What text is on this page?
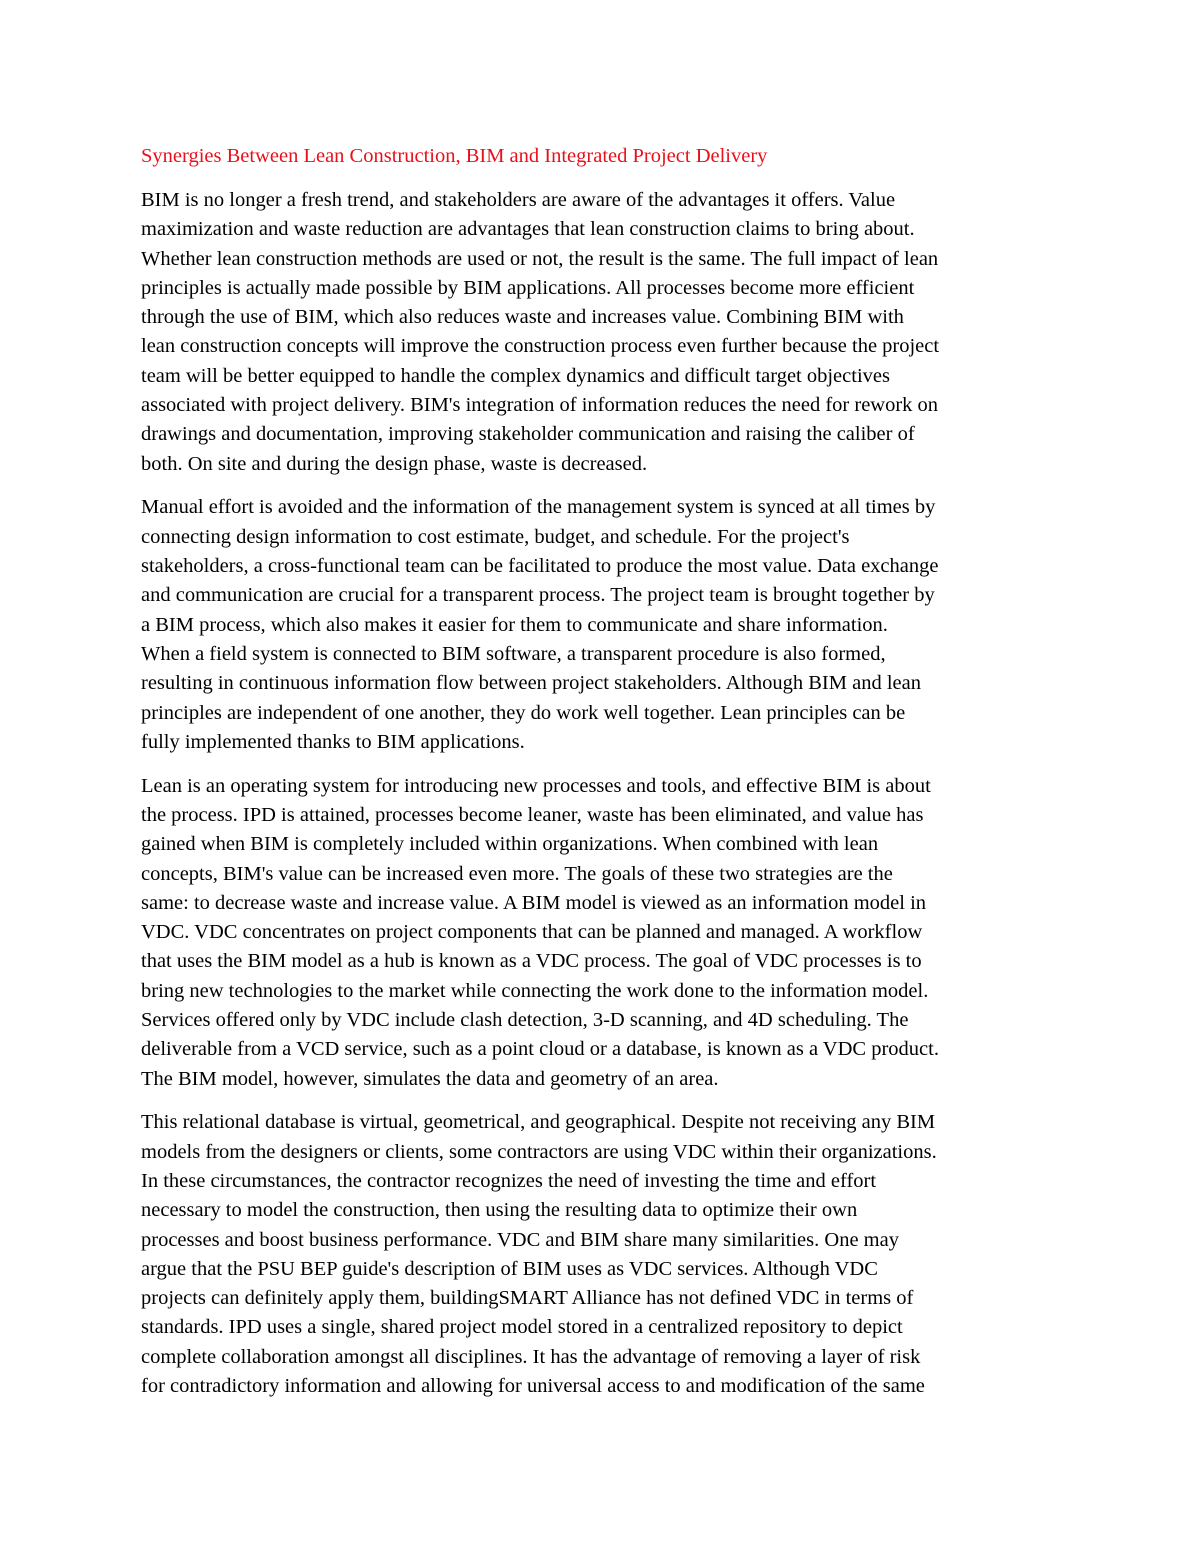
Synergies Between Lean Construction, BIM and Integrated Project Delivery

BIM is no longer a fresh trend, and stakeholders are aware of the advantages it offers. Value
maximization and waste reduction are advantages that lean construction claims to bring about.
Whether lean construction methods are used or not, the result is the same. The full impact of lean
principles is actually made possible by BIM applications. All processes become more efficient
through the use of BIM, which also reduces waste and increases value. Combining BIM with
lean construction concepts will improve the construction process even further because the project
team will be better equipped to handle the complex dynamics and difficult target objectives
associated with project delivery. BIM's integration of information reduces the need for rework on
drawings and documentation, improving stakeholder communication and raising the caliber of
both. On site and during the design phase, waste is decreased.

Manual effort is avoided and the information of the management system is synced at all times by
connecting design information to cost estimate, budget, and schedule. For the project's
stakeholders, a cross-functional team can be facilitated to produce the most value. Data exchange
and communication are crucial for a transparent process. The project team is brought together by
a BIM process, which also makes it easier for them to communicate and share information.
When a field system is connected to BIM software, a transparent procedure is also formed,
resulting in continuous information flow between project stakeholders. Although BIM and lean
principles are independent of one another, they do work well together. Lean principles can be
fully implemented thanks to BIM applications.

Lean is an operating system for introducing new processes and tools, and effective BIM is about
the process. IPD is attained, processes become leaner, waste has been eliminated, and value has
gained when BIM is completely included within organizations. When combined with lean
concepts, BIM's value can be increased even more. The goals of these two strategies are the
same: to decrease waste and increase value. A BIM model is viewed as an information model in
VDC. VDC concentrates on project components that can be planned and managed. A workflow
that uses the BIM model as a hub is known as a VDC process. The goal of VDC processes is to
bring new technologies to the market while connecting the work done to the information model.
Services offered only by VDC include clash detection, 3-D scanning, and 4D scheduling. The
deliverable from a VCD service, such as a point cloud or a database, is known as a VDC product.
The BIM model, however, simulates the data and geometry of an area.

This relational database is virtual, geometrical, and geographical. Despite not receiving any BIM
models from the designers or clients, some contractors are using VDC within their organizations.
In these circumstances, the contractor recognizes the need of investing the time and effort
necessary to model the construction, then using the resulting data to optimize their own
processes and boost business performance. VDC and BIM share many similarities. One may
argue that the PSU BEP guide's description of BIM uses as VDC services. Although VDC
projects can definitely apply them, buildingSMART Alliance has not defined VDC in terms of
standards. IPD uses a single, shared project model stored in a centralized repository to depict
complete collaboration amongst all disciplines. It has the advantage of removing a layer of risk
for contradictory information and allowing for universal access to and modification of the same
